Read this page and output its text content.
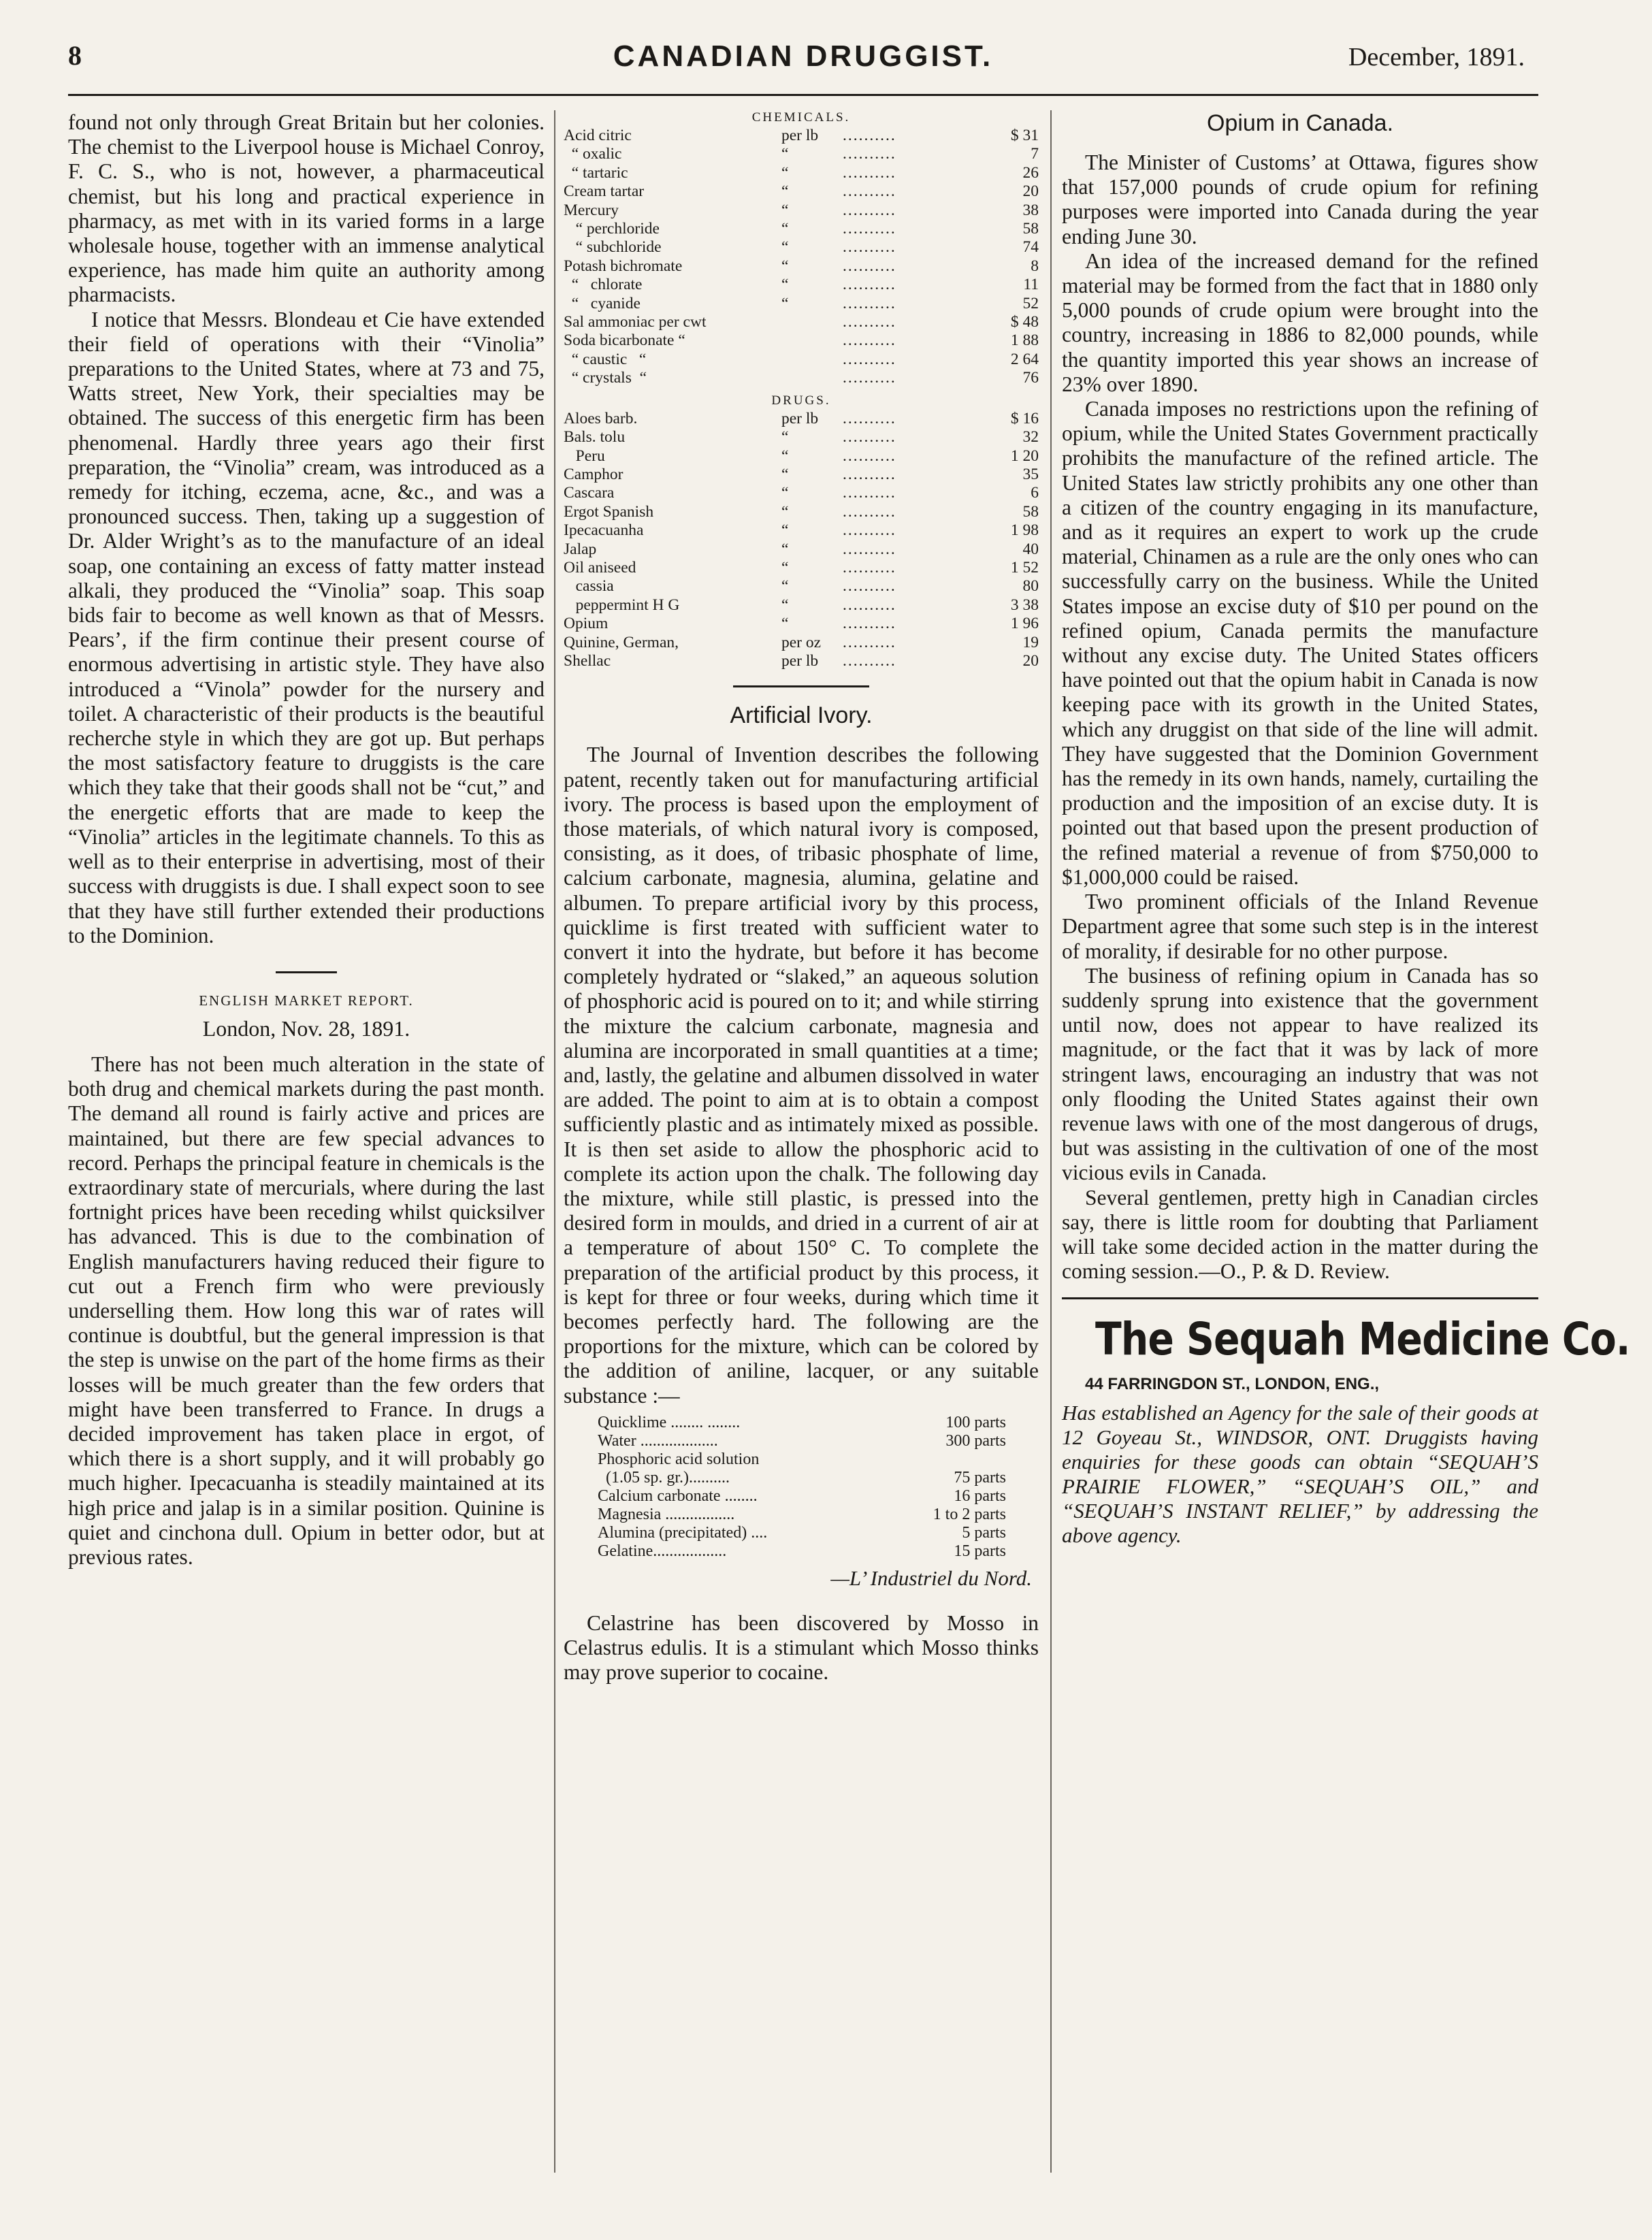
8	CANADIAN DRUGGIST.	December, 1891.

found not only through Great Britain but her colonies. The chemist to the Liverpool house is Michael Conroy, F. C. S., who is not, however, a pharmaceutical chemist, but his long and practical experience in pharmacy, as met with in its varied forms in a large wholesale house, together with an immense analytical experience, has made him quite an authority among pharmacists.

I notice that Messrs. Blondeau et Cie have extended their field of operations with their “Vinolia” preparations to the United States, where at 73 and 75, Watts street, New York, their specialties may be obtained. The success of this energetic firm has been phenomenal. Hardly three years ago their first preparation, the “Vinolia” cream, was introduced as a remedy for itching, eczema, acne, &c., and was a pronounced success. Then, taking up a suggestion of Dr. Alder Wright’s as to the manufacture of an ideal soap, one containing an excess of fatty matter instead alkali, they produced the “Vinolia” soap. This soap bids fair to become as well known as that of Messrs. Pears’, if the firm continue their present course of enormous advertising in artistic style. They have also introduced a “Vinola” powder for the nursery and toilet. A characteristic of their products is the beautiful recherche style in which they are got up. But perhaps the most satisfactory feature to druggists is the care which they take that their goods shall not be “cut,” and the energetic efforts that are made to keep the “Vinolia” articles in the legitimate channels. To this as well as to their enterprise in advertising, most of their success with druggists is due. I shall expect soon to see that they have still further extended their productions to the Dominion.

ENGLISH MARKET REPORT.

London, Nov. 28, 1891.

There has not been much alteration in the state of both drug and chemical markets during the past month. The demand all round is fairly active and prices are maintained, but there are few special advances to record. Perhaps the principal feature in chemicals is the extraordinary state of mercurials, where during the last fortnight prices have been receding whilst quicksilver has advanced. This is due to the combination of English manufacturers having reduced their figure to cut out a French firm who were previously underselling them. How long this war of rates will continue is doubtful, but the general impression is that the step is unwise on the part of the home firms as their losses will be much greater than the few orders that might have been transferred to France. In drugs a decided improvement has taken place in ergot, of which there is a short supply, and it will probably go much higher. Ipecacuanha is steadily maintained at its high price and jalap is in a similar position. Quinine is quiet and cinchona dull. Opium in better odor, but at previous rates.

CHEMICALS.

Acid citric	per lb	..........	$ 31
“ oxalic	“	..........	7
“ tartaric	“	..........	26
Cream tartar	“	..........	20
Mercury	“	..........	38
“ perchloride	“	..........	58
“ subchloride	“	..........	74
Potash bichromate	“	..........	8
“   chlorate	“	..........	11
“   cyanide	“	..........	52
Sal ammoniac per cwt		..........	$ 48
Soda bicarbonate “		..........	1 88
“ caustic   “		..........	2 64
“ crystals  “		..........	76

DRUGS.

Aloes barb.	per lb	..........	$ 16
Bals. tolu	“	..........	32
Peru	“	..........	1 20
Camphor	“	..........	35
Cascara	“	..........	6
Ergot Spanish	“	..........	58
Ipecacuanha	“	..........	1 98
Jalap	“	..........	40
Oil aniseed	“	..........	1 52
cassia	“	..........	80
peppermint H G	“	..........	3 38
Opium	“	..........	1 96
Quinine, German,	per oz	..........	19
Shellac	per lb	..........	20

Artificial Ivory.

The Journal of Invention describes the following patent, recently taken out for manufacturing artificial ivory. The process is based upon the employment of those materials, of which natural ivory is composed, consisting, as it does, of tribasic phosphate of lime, calcium carbonate, magnesia, alumina, gelatine and albumen. To prepare artificial ivory by this process, quicklime is first treated with sufficient water to convert it into the hydrate, but before it has become completely hydrated or “slaked,” an aqueous solution of phosphoric acid is poured on to it; and while stirring the mixture the calcium carbonate, magnesia and alumina are incorporated in small quantities at a time; and, lastly, the gelatine and albumen dissolved in water are added. The point to aim at is to obtain a compost sufficiently plastic and as intimately mixed as possible. It is then set aside to allow the phosphoric acid to complete its action upon the chalk. The following day the mixture, while still plastic, is pressed into the desired form in moulds, and dried in a current of air at a temperature of about 150° C. To complete the preparation of the artificial product by this process, it is kept for three or four weeks, during which time it becomes perfectly hard. The following are the proportions for the mixture, which can be colored by the addition of aniline, lacquer, or any suitable substance :—

Quicklime ........ ........	100 parts
Water ...................	300 parts
Phosphoric acid solution	
(1.05 sp. gr.)..........	75 parts
Calcium carbonate ........	16 parts
Magnesia .................	1 to 2 parts
Alumina (precipitated) ....	5 parts
Gelatine..................	15 parts

—L’ Industriel du Nord.

Celastrine has been discovered by Mosso in Celastrus edulis. It is a stimulant which Mosso thinks may prove superior to cocaine.

Opium in Canada.

The Minister of Customs’ at Ottawa, figures show that 157,000 pounds of crude opium for refining purposes were imported into Canada during the year ending June 30.

An idea of the increased demand for the refined material may be formed from the fact that in 1880 only 5,000 pounds of crude opium were brought into the country, increasing in 1886 to 82,000 pounds, while the quantity imported this year shows an increase of 23% over 1890.

Canada imposes no restrictions upon the refining of opium, while the United States Government practically prohibits the manufacture of the refined article. The United States law strictly prohibits any one other than a citizen of the country engaging in its manufacture, and as it requires an expert to work up the crude material, Chinamen as a rule are the only ones who can successfully carry on the business. While the United States impose an excise duty of $10 per pound on the refined opium, Canada permits the manufacture without any excise duty. The United States officers have pointed out that the opium habit in Canada is now keeping pace with its growth in the United States, which any druggist on that side of the line will admit. They have suggested that the Dominion Government has the remedy in its own hands, namely, curtailing the production and the imposition of an excise duty. It is pointed out that based upon the present production of the refined material a revenue of from $750,000 to $1,000,000 could be raised.

Two prominent officials of the Inland Revenue Department agree that some such step is in the interest of morality, if desirable for no other purpose.

The business of refining opium in Canada has so suddenly sprung into existence that the government until now, does not appear to have realized its magnitude, or the fact that it was by lack of more stringent laws, encouraging an industry that was not only flooding the United States against their own revenue laws with one of the most dangerous of drugs, but was assisting in the cultivation of one of the most vicious evils in Canada.

Several gentlemen, pretty high in Canadian circles say, there is little room for doubting that Parliament will take some decided action in the matter during the coming session.—O., P. & D. Review.

The Sequah Medicine Co.

44 FARRINGDON ST., LONDON, ENG.,

Has established an Agency for the sale of their goods at 12 Goyeau St., WINDSOR, ONT. Druggists having enquiries for these goods can obtain “SEQUAH’S PRAIRIE FLOWER,” “SEQUAH’S OIL,” and “SEQUAH’S INSTANT RELIEF,” by addressing the above agency.
